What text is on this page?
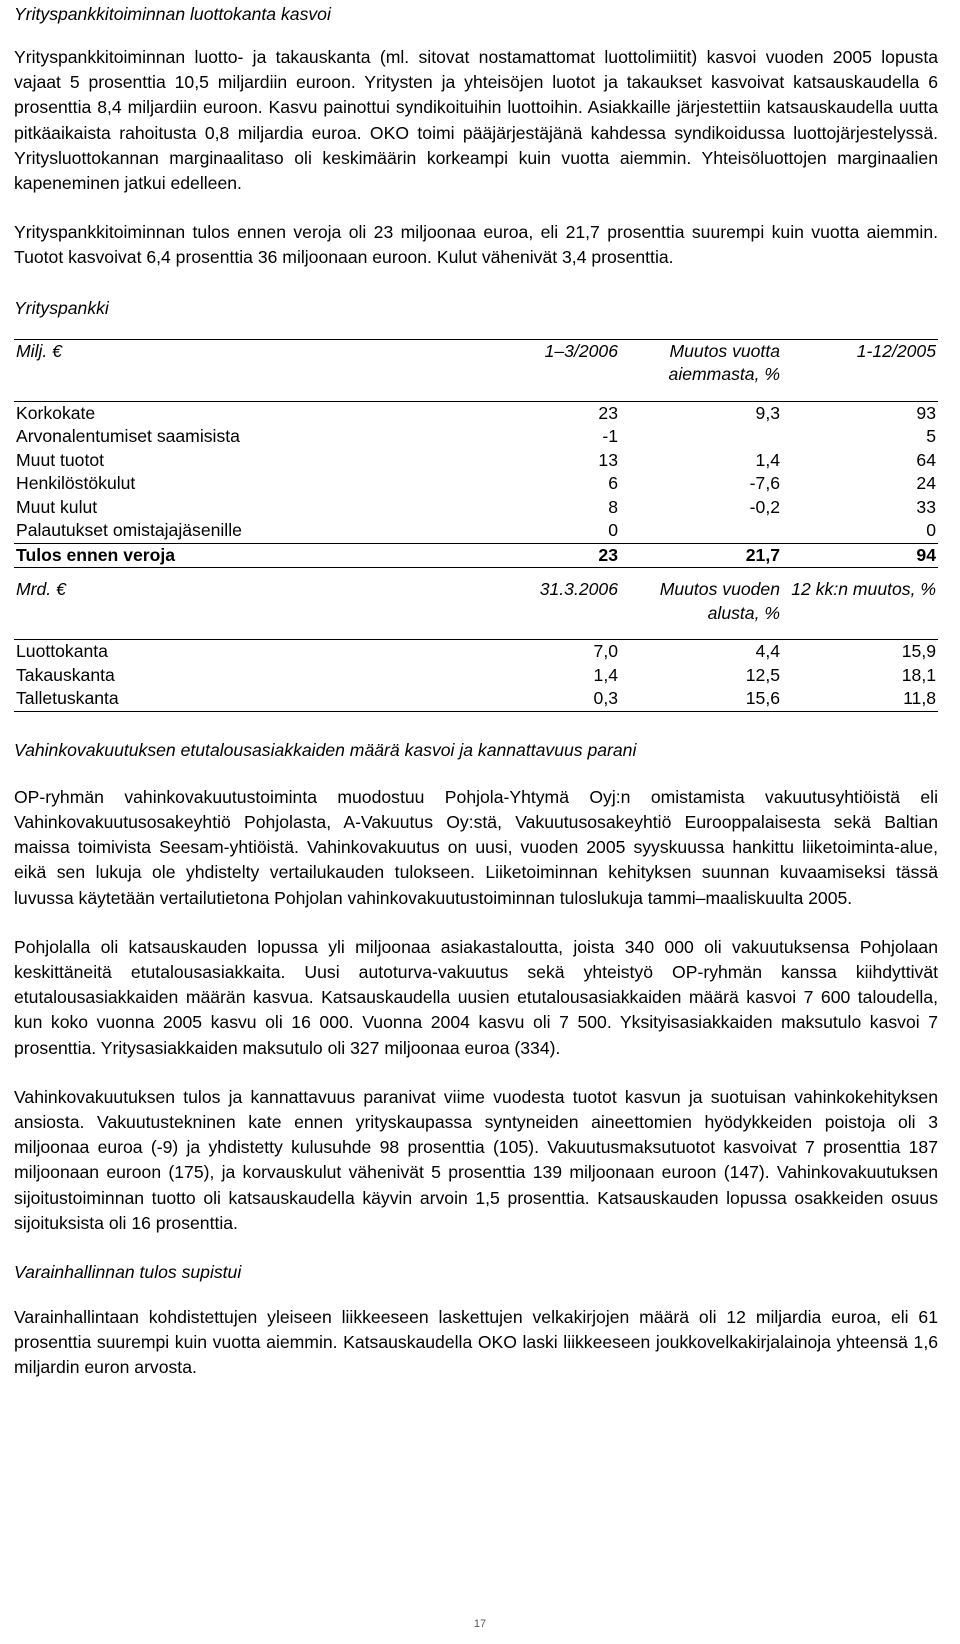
Yrityspankkitoiminnan luottokanta kasvoi

Yrityspankkitoiminnan luotto- ja takauskanta (ml. sitovat nostamattomat luottolimiitit) kasvoi vuoden 2005 lopusta vajaat 5 prosenttia 10,5 miljardiin euroon. Yritysten ja yhteisöjen luotot ja takaukset kasvoivat katsauskaudella 6 prosenttia 8,4 miljardiin euroon. Kasvu painottui syndikoituihin luottoihin. Asiakkaille järjestettiin katsauskaudella uutta pitkäaikaista rahoitusta 0,8 miljardia euroa. OKO toimi pääjärjestäjänä kahdessa syndikoidussa luottojärjestelyssä. Yritysluottokannan marginaalitaso oli keskimäärin korkeampi kuin vuotta aiemmin. Yhteisöluottojen marginaalien kapeneminen jatkui edelleen.

Yrityspankkitoiminnan tulos ennen veroja oli 23 miljoonaa euroa, eli 21,7 prosenttia suurempi kuin vuotta aiemmin. Tuotot kasvoivat 6,4 prosenttia 36 miljoonaan euroon. Kulut vähenivät 3,4 prosenttia.

Yrityspankki
Milj. €	1–3/2006	Muutos vuotta aiemmasta, %	1-12/2005

Korkokate	23	9,3	93
Arvonalentumiset saamisista	-1		5
Muut tuotot	13	1,4	64
Henkilöstökulut	6	-7,6	24
Muut kulut	8	-0,2	33
Palautukset omistajajäsenille	0		0
Tulos ennen veroja	23	21,7	94

Mrd. €	31.3.2006	Muutos vuoden alusta, %	12 kk:n muutos, %

Luottokanta	7,0	4,4	15,9
Takauskanta	1,4	12,5	18,1
Talletuskanta	0,3	15,6	11,8
Vahinkovakuutuksen etutalousasiakkaiden määrä kasvoi ja kannattavuus parani

OP-ryhmän vahinkovakuutustoiminta muodostuu Pohjola-Yhtymä Oyj:n omistamista vakuutusyhtiöistä eli Vahinkovakuutusosakeyhtiö Pohjolasta, A-Vakuutus Oy:stä, Vakuutusosakeyhtiö Eurooppalaisesta sekä Baltian maissa toimivista Seesam-yhtiöistä. Vahinkovakuutus on uusi, vuoden 2005 syyskuussa hankittu liiketoiminta-alue, eikä sen lukuja ole yhdistelty vertailukauden tulokseen. Liiketoiminnan kehityksen suunnan kuvaamiseksi tässä luvussa käytetään vertailutietona Pohjolan vahinkovakuutustoiminnan tuloslukuja tammi–maaliskuulta 2005.

Pohjolalla oli katsauskauden lopussa yli miljoonaa asiakastaloutta, joista 340 000 oli vakuutuksensa Pohjolaan keskittäneitä etutalousasiakkaita. Uusi autoturva-vakuutus sekä yhteistyö OP-ryhmän kanssa kiihdyttivät etutalousasiakkaiden määrän kasvua. Katsauskaudella uusien etutalousasiakkaiden määrä kasvoi 7 600 taloudella, kun koko vuonna 2005 kasvu oli 16 000. Vuonna 2004 kasvu oli 7 500. Yksityisasiakkaiden maksutulo kasvoi 7 prosenttia. Yritysasiakkaiden maksutulo oli 327 miljoonaa euroa (334).

Vahinkovakuutuksen tulos ja kannattavuus paranivat viime vuodesta tuotot kasvun ja suotuisan vahinkokehityksen ansiosta. Vakuutustekninen kate ennen yrityskaupassa syntyneiden aineettomien hyödykkeiden poistoja oli 3 miljoonaa euroa (-9) ja yhdistetty kulusuhde 98 prosenttia (105). Vakuutusmaksutuotot kasvoivat 7 prosenttia 187 miljoonaan euroon (175), ja korvauskulut vähenivät 5 prosenttia 139 miljoonaan euroon (147). Vahinkovakuutuksen sijoitustoiminnan tuotto oli katsauskaudella käyvin arvoin 1,5 prosenttia. Katsauskauden lopussa osakkeiden osuus sijoituksista oli 16 prosenttia.

Varainhallinnan tulos supistui

Varainhallintaan kohdistettujen yleiseen liikkeeseen laskettujen velkakirjojen määrä oli 12 miljardia euroa, eli 61 prosenttia suurempi kuin vuotta aiemmin. Katsauskaudella OKO laski liikkeeseen joukkovelkakirjalainoja yhteensä 1,6 miljardin euron arvosta.

17
